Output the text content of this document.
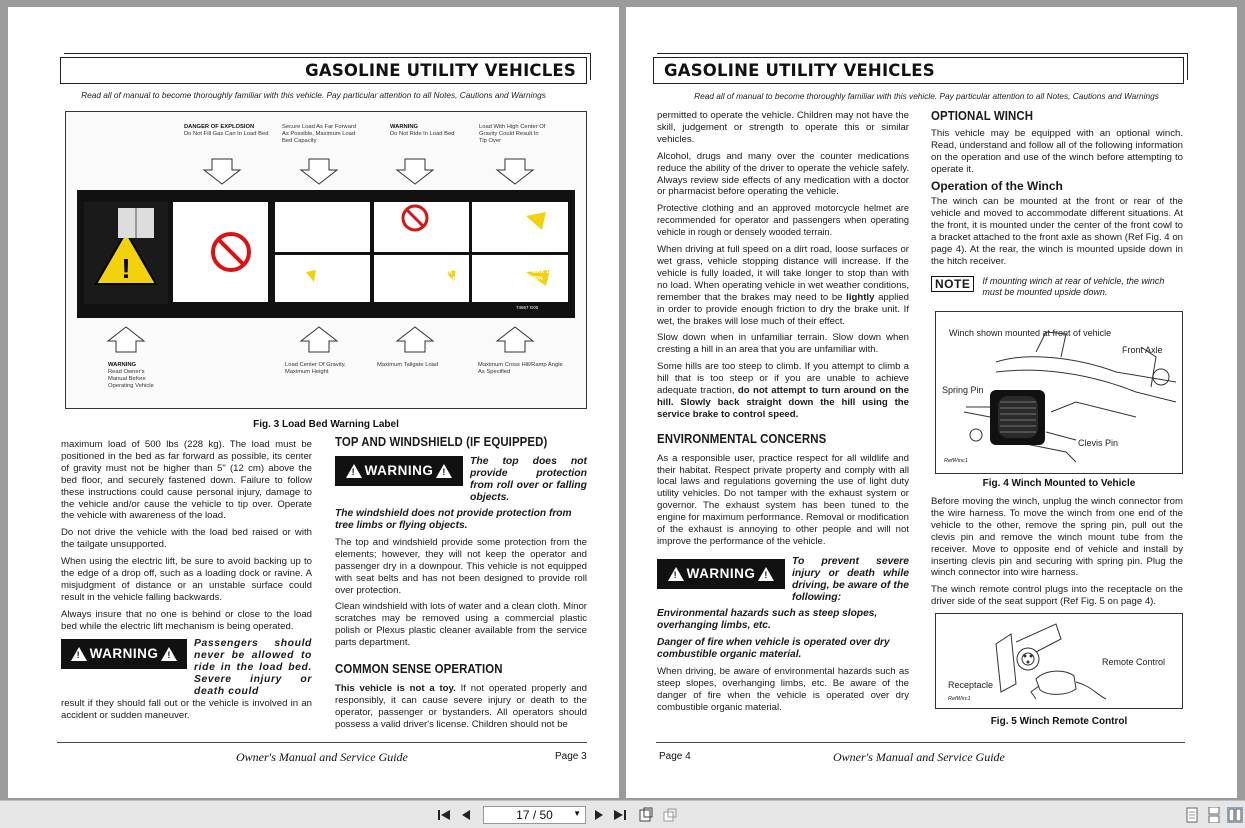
GASOLINE UTILITY VEHICLES
Read all of manual to become thoroughly familiar with this vehicle. Pay particular attention to all Notes, Cautions and Warnings
DANGER OF EXPLOSION
Do Not Fill Gas Can In Load Bed
Secure Load As Far Forward As Possible, Maximum Load Bed Capacity
WARNING
Do Not Ride In Load Bed
Load With High Center Of Gravity Could Result In Tip Over
!
MAX 800 lbs. 360 kg
MAX 5 in. 12 cm
MAX 100 lbs. 45 kg
MAX 14° / 25%
74657 G00
WARNING
Read Owner's Manual Before Operating Vehicle
Load Center Of Gravity, Maximum Height
Maximum Tailgate Load	Maximum Cross Hill/Ramp Angle As Specified
Fig. 3 Load Bed Warning Label

maximum load of 500 lbs (228 kg). The load must be positioned in the bed as far forward as possible, its center of gravity must not be higher than 5" (12 cm) above the bed floor, and securely fastened down. Failure to follow these instructions could cause personal injury, damage to the vehicle and/or cause the vehicle to tip over. Operate the vehicle with awareness of the load.

Do not drive the vehicle with the load bed raised or with the tailgate unsupported.

When using the electric lift, be sure to avoid backing up to the edge of a drop off, such as a loading dock or ravine. A misjudgment of distance or an unstable surface could result in the vehicle falling backwards.

Always insure that no one is behind or close to the load bed while the electric lift mechanism is being operated.

! WARNING !
Passengers should never be allowed to ride in the load bed. Severe injury or death could
result if they should fall out or the vehicle is involved in an accident or sudden maneuver.
TOP AND WINDSHIELD (IF EQUIPPED)
! WARNING !
The top does not provide protection from roll over or falling objects.
The windshield does not provide protection from tree limbs or flying objects.

The top and windshield provide some protection from the elements; however, they will not keep the operator and passenger dry in a downpour. This vehicle is not equipped with seat belts and has not been designed to provide roll over protection.

Clean windshield with lots of water and a clean cloth. Minor scratches may be removed using a commercial plastic polish or Plexus plastic cleaner available from the service parts department.

COMMON SENSE OPERATION

This vehicle is not a toy. If not operated properly and responsibly, it can cause severe injury or death to the operator, passenger or bystanders. All operators should possess a valid driver's license. Children should not be

Owner's Manual and Service Guide	Page 3
GASOLINE UTILITY VEHICLES
Read all of manual to become thoroughly familiar with this vehicle. Pay particular attention to all Notes, Cautions and Warnings

permitted to operate the vehicle. Children may not have the skill, judgement or strength to operate this or similar vehicles.

Alcohol, drugs and many over the counter medications reduce the ability of the driver to operate the vehicle safely. Always review side effects of any medication with a doctor or pharmacist before operating the vehicle.

Protective clothing and an approved motorcycle helmet are recommended for operator and passengers when operating vehicle in rough or densely wooded terrain.

When driving at full speed on a dirt road, loose surfaces or wet grass, vehicle stopping distance will increase. If the vehicle is fully loaded, it will take longer to stop than with no load. When operating vehicle in wet weather conditions, remember that the brakes may need to be lightly applied in order to provide enough friction to dry the brake unit. If wet, the brakes will lose much of their effect.

Slow down when in unfamiliar terrain. Slow down when cresting a hill in an area that you are unfamiliar with.

Some hills are too steep to climb. If you attempt to climb a hill that is too steep or if you are unable to achieve adequate traction, do not attempt to turn around on the hill. Slowly back straight down the hill using the service brake to control speed.

ENVIRONMENTAL CONCERNS

As a responsible user, practice respect for all wildlife and their habitat. Respect private property and comply with all local laws and regulations governing the use of light duty utility vehicles. Do not tamper with the exhaust system or governor. The exhaust system has been tuned to the engine for maximum performance. Removal or modification of the exhaust is annoying to other people and will not improve the performance of the vehicle.

! WARNING !
To prevent severe injury or death while driving, be aware of the following:
Environmental hazards such as steep slopes, overhanging limbs, etc.
Danger of fire when vehicle is operated over dry combustible organic material.

When driving, be aware of environmental hazards such as steep slopes, overhanging limbs, etc. Be aware of the danger of fire when the vehicle is operated over dry combustible organic material.

OPTIONAL WINCH

This vehicle may be equipped with an optional winch. Read, understand and follow all of the following information on the operation and use of the winch before attempting to operate it.

Operation of the Winch

The winch can be mounted at the front or rear of the vehicle and moved to accommodate different situations. At the front, it is mounted under the center of the front cowl to a bracket attached to the front axle as shown (Ref Fig. 4 on page 4). At the rear, the winch is mounted upside down in the hitch receiver.

NOTE	If mounting winch at rear of vehicle, the winch must be mounted upside down.
Winch shown mounted at front of vehicle
Front Axle
Spring Pin
Clevis Pin
RefWinc1
Fig. 4 Winch Mounted to Vehicle

Before moving the winch, unplug the winch connector from the wire harness. To move the winch from one end of the vehicle to the other, remove the spring pin, pull out the clevis pin and remove the winch mount tube from the receiver. Move to opposite end of vehicle and install by inserting clevis pin and securing with spring pin. Plug the winch connector into wire harness.

The winch remote control plugs into the receptacle on the driver side of the seat support (Ref Fig. 5 on page 4).

Remote Control
Receptacle
RefWirc1
Fig. 5 Winch Remote Control
Page 4	Owner's Manual and Service Guide
17 / 50	▼
